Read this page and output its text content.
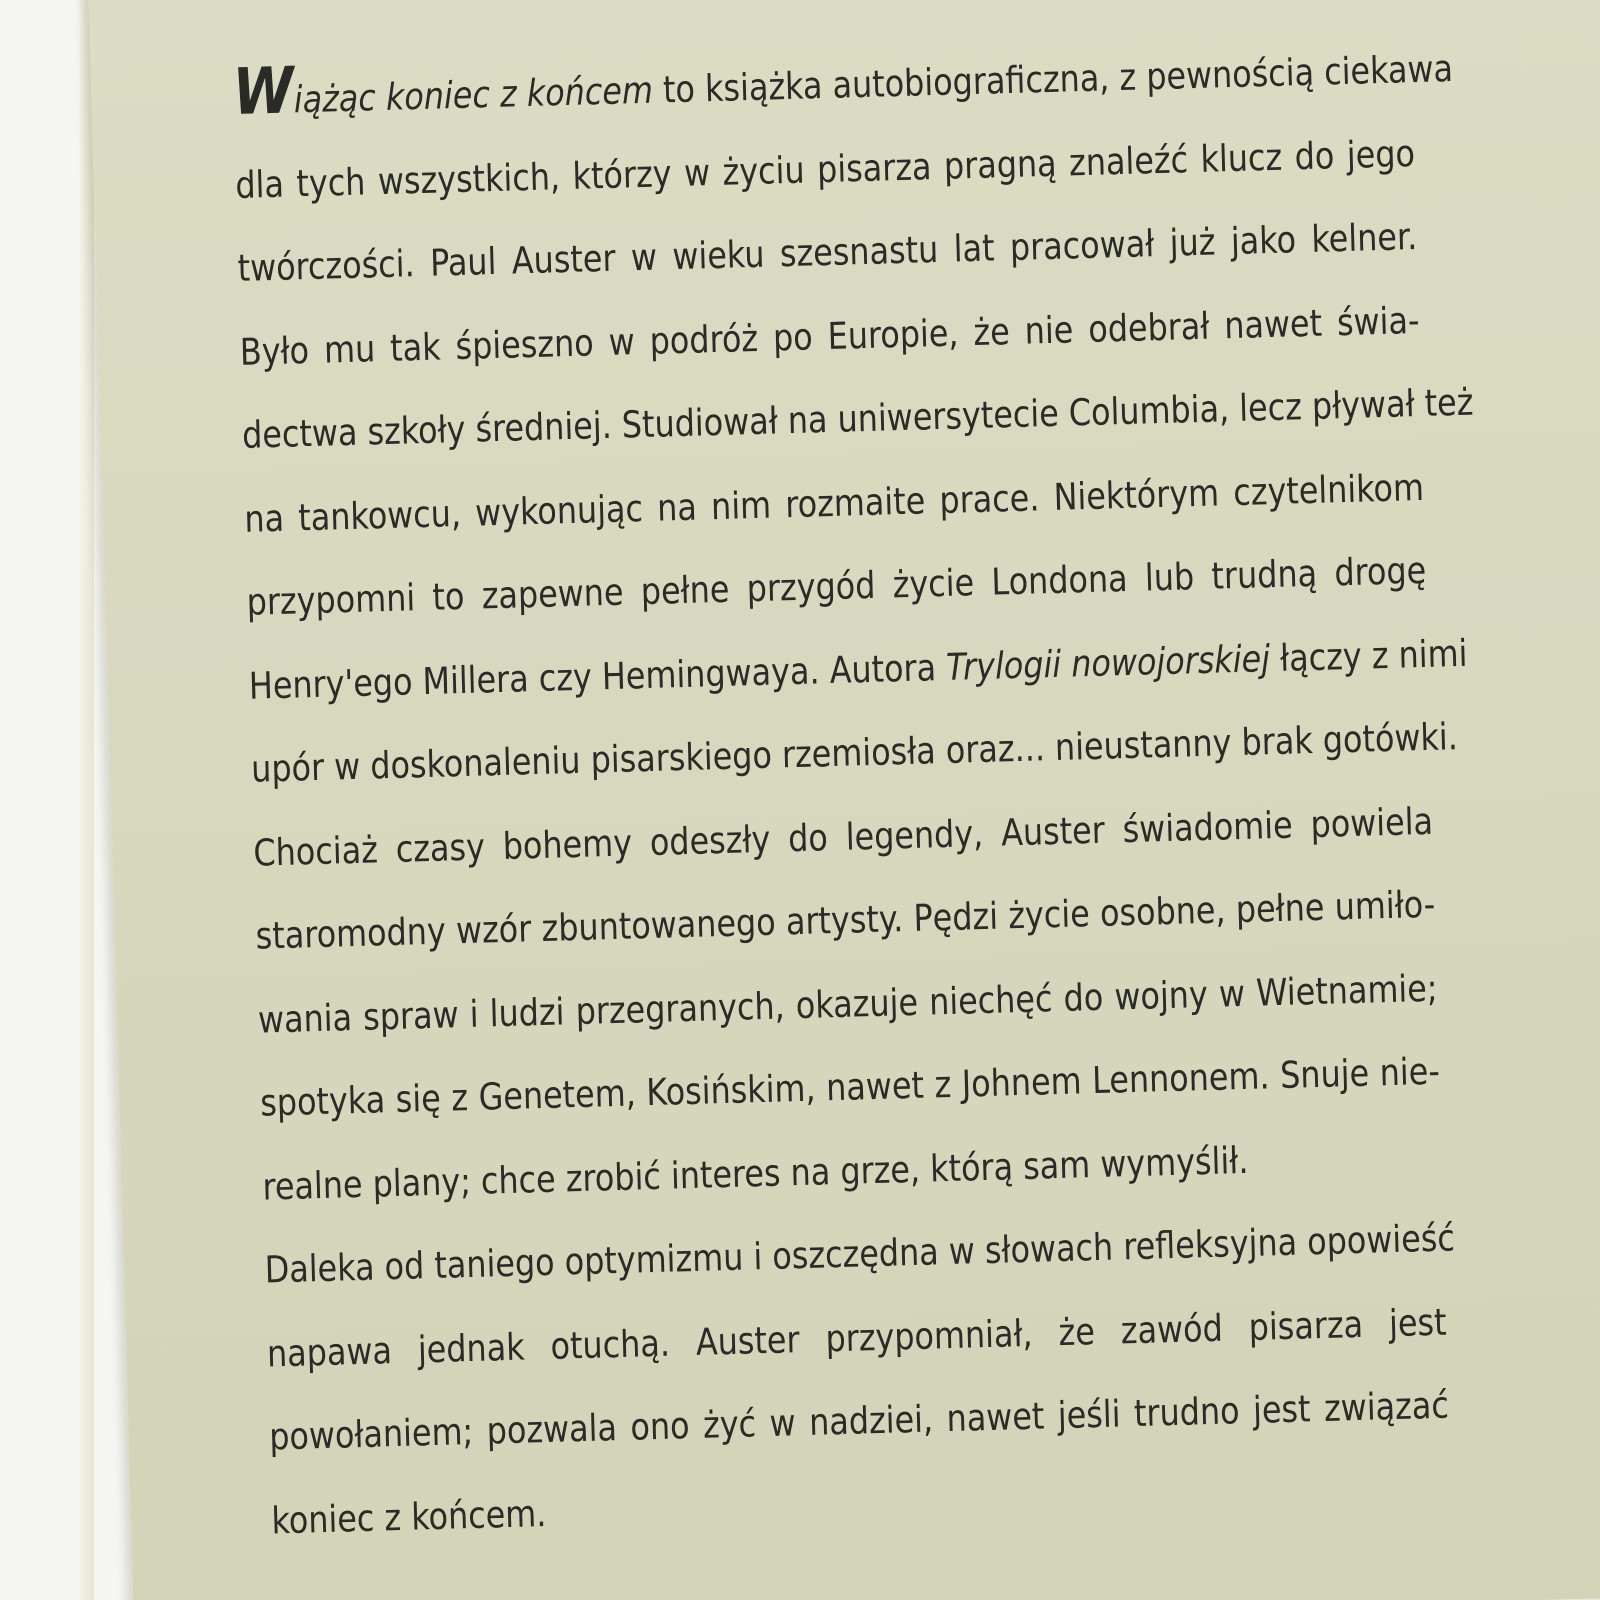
Wiążąc koniec z końcem to książka autobiograficzna, z pewnością ciekawa
dla tych wszystkich, którzy w życiu pisarza pragną znaleźć klucz do jego
twórczości. Paul Auster w wieku szesnastu lat pracował już jako kelner.
Było mu tak śpieszno w podróż po Europie, że nie odebrał nawet świa-
dectwa szkoły średniej. Studiował na uniwersytecie Columbia, lecz pływał też
na tankowcu, wykonując na nim rozmaite prace. Niektórym czytelnikom
przypomni to zapewne pełne przygód życie Londona lub trudną drogę
Henry'ego Millera czy Hemingwaya. Autora Trylogii nowojorskiej łączy z nimi
upór w doskonaleniu pisarskiego rzemiosła oraz... nieustanny brak gotówki.
Chociaż czasy bohemy odeszły do legendy, Auster świadomie powiela
staromodny wzór zbuntowanego artysty. Pędzi życie osobne, pełne umiło-
wania spraw i ludzi przegranych, okazuje niechęć do wojny w Wietnamie;
spotyka się z Genetem, Kosińskim, nawet z Johnem Lennonem. Snuje nie-
realne plany; chce zrobić interes na grze, którą sam wymyślił.
Daleka od taniego optymizmu i oszczędna w słowach refleksyjna opowieść
napawa jednak otuchą. Auster przypomniał, że zawód pisarza jest
powołaniem; pozwala ono żyć w nadziei, nawet jeśli trudno jest związać
koniec z końcem.
